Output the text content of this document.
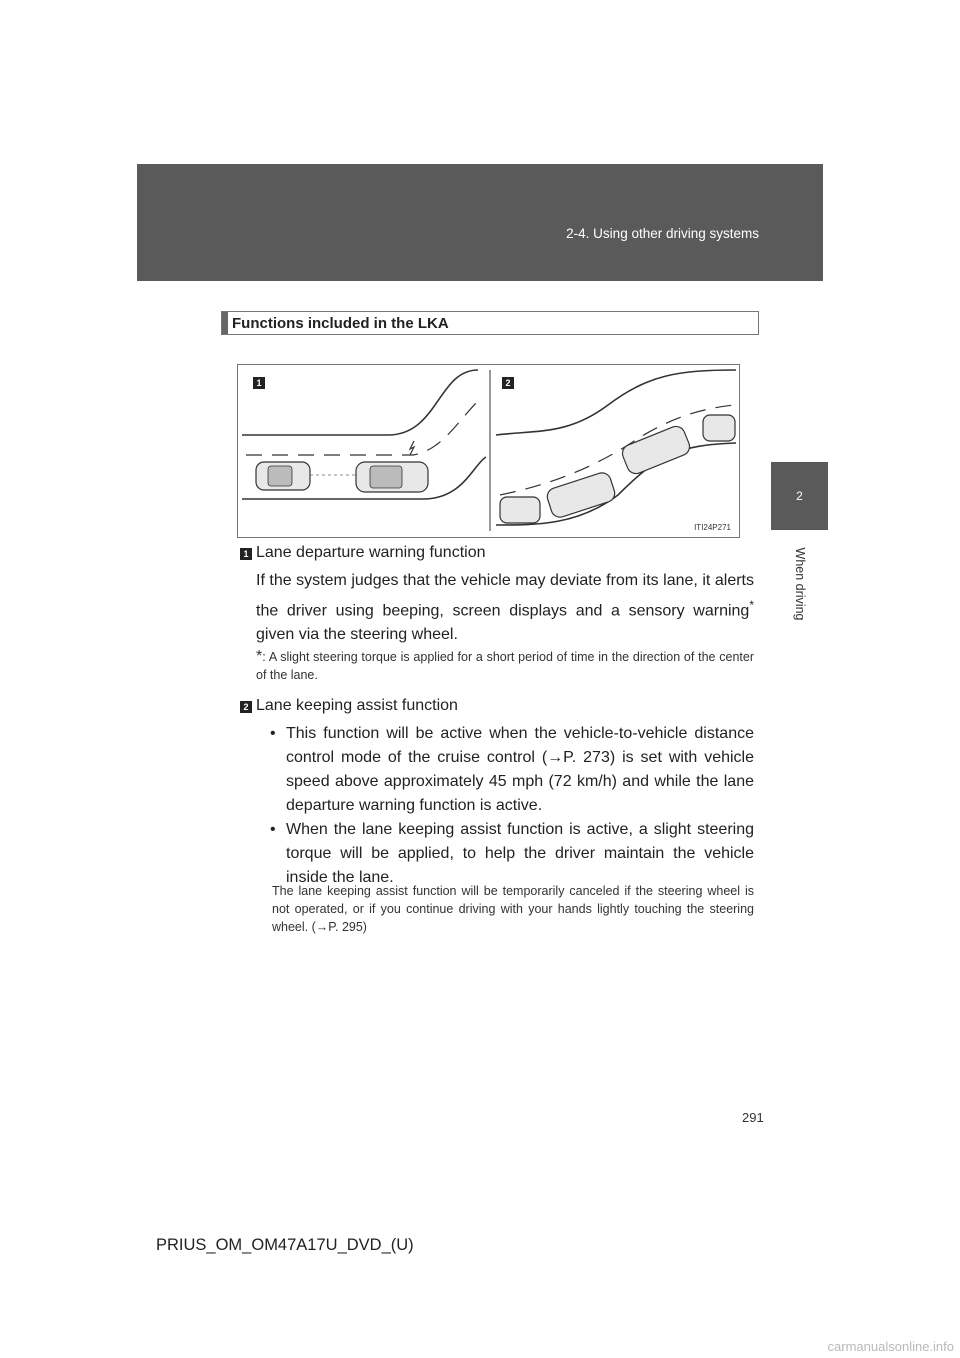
2-4. Using other driving systems
2
When driving
Functions included in the LKA
1	2
ITI24P271
1 Lane departure warning function
If the system judges that the vehicle may deviate from its lane, it alerts the driver using beeping, screen displays and a sensory warning* given via the steering wheel.
*: A slight steering torque is applied for a short period of time in the direction of the center of the lane.
2 Lane keeping assist function
• This function will be active when the vehicle-to-vehicle distance control mode of the cruise control (→P. 273) is set with vehicle speed above approximately 45 mph (72 km/h) and while the lane departure warning function is active.
• When the lane keeping assist function is active, a slight steering torque will be applied, to help the driver maintain the vehicle inside the lane.
The lane keeping assist function will be temporarily canceled if the steering wheel is not operated, or if you continue driving with your hands lightly touching the steering wheel. (→P. 295)
291
PRIUS_OM_OM47A17U_DVD_(U)
carmanualsonline.info
